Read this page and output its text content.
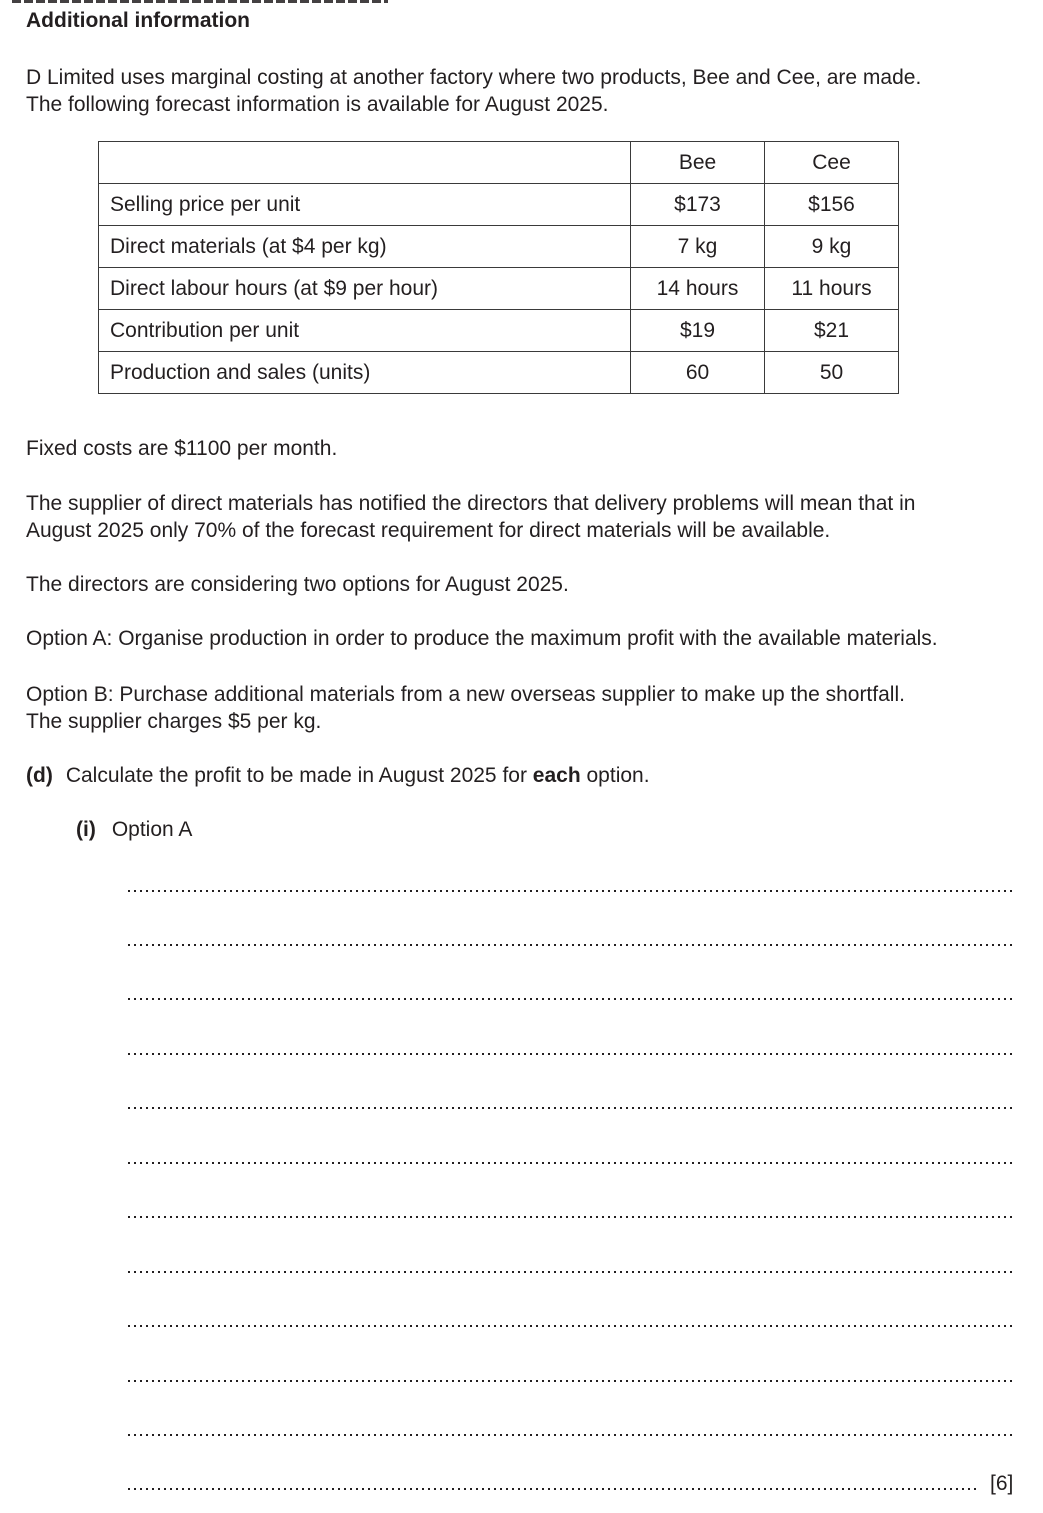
Additional information
D Limited uses marginal costing at another factory where two products, Bee and Cee, are made.
The following forecast information is available for August 2025.
	Bee	Cee
Selling price per unit	$173	$156
Direct materials (at $4 per kg)	7 kg	9 kg
Direct labour hours (at $9 per hour)	14 hours	11 hours
Contribution per unit	$19	$21
Production and sales (units)	60	50
Fixed costs are $1100 per month.
The supplier of direct materials has notified the directors that delivery problems will mean that in
August 2025 only 70% of the forecast requirement for direct materials will be available.
The directors are considering two options for August 2025.
Option A: Organise production in order to produce the maximum profit with the available materials.
Option B: Purchase additional materials from a new overseas supplier to make up the shortfall.
The supplier charges $5 per kg.
(d) Calculate the profit to be made in August 2025 for each option.
(i) Option A
[6]
